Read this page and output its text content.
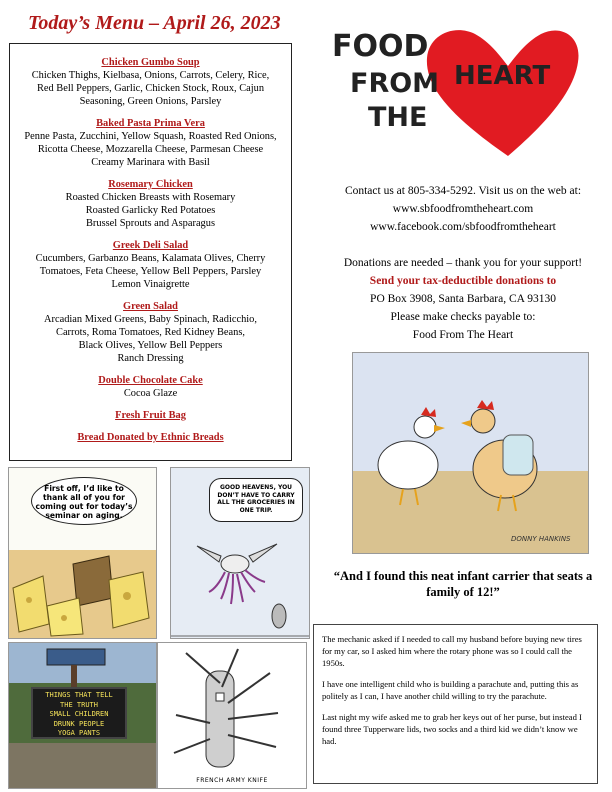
Today’s Menu – April 26, 2023
Chicken Gumbo Soup
Chicken Thighs, Kielbasa, Onions, Carrots, Celery, Rice,
Red Bell Peppers, Garlic, Chicken Stock, Roux, Cajun
Seasoning, Green Onions, Parsley
Baked Pasta Prima Vera
Penne Pasta, Zucchini, Yellow Squash, Roasted Red Onions,
Ricotta Cheese, Mozzarella Cheese, Parmesan Cheese
Creamy Marinara with Basil
Rosemary Chicken
Roasted Chicken Breasts with Rosemary
Roasted Garlicky Red Potatoes
Brussel Sprouts and Asparagus
Greek Deli Salad
Cucumbers, Garbanzo Beans, Kalamata Olives, Cherry
Tomatoes, Feta Cheese, Yellow Bell Peppers, Parsley
Lemon Vinaigrette
Green Salad
Arcadian Mixed Greens, Baby Spinach, Radicchio,
Carrots, Roma Tomatoes, Red Kidney Beans,
Black Olives, Yellow Bell Peppers
Ranch Dressing
Double Chocolate Cake
Cocoa Glaze
Fresh Fruit Bag
Bread Donated by Ethnic Breads
FOOD
FROM
THE
HEART
Contact us at 805-334-5292. Visit us on the web at:
www.sbfoodfromtheheart.com
www.facebook.com/sbfoodfromtheheart
Donations are needed – thank you for your support!
Send your tax-deductible donations to
PO Box 3908, Santa Barbara, CA 93130
Please make checks payable to:
Food From The Heart
DONNY HANKINS
“And I found this neat infant carrier that seats a family of 12!”
First off, I’d like to thank all of you for coming out for today’s seminar on aging.
GOOD HEAVENS, YOU DON’T HAVE TO CARRY ALL THE GROCERIES IN ONE TRIP.
THINGS THAT TELL
THE TRUTH
SMALL CHILDREN
DRUNK PEOPLE
YOGA PANTS
FRENCH ARMY KNIFE

The mechanic asked if I needed to call my husband before buying new tires for my car, so I asked him where the rotary phone was so I could call the 1950s.

I have one intelligent child who is building a parachute and, putting this as politely as I can, I have another child willing to try the parachute.

Last night my wife asked me to grab her keys out of her purse, but instead I found three Tupperware lids, two socks and a third kid we didn’t know we had.
